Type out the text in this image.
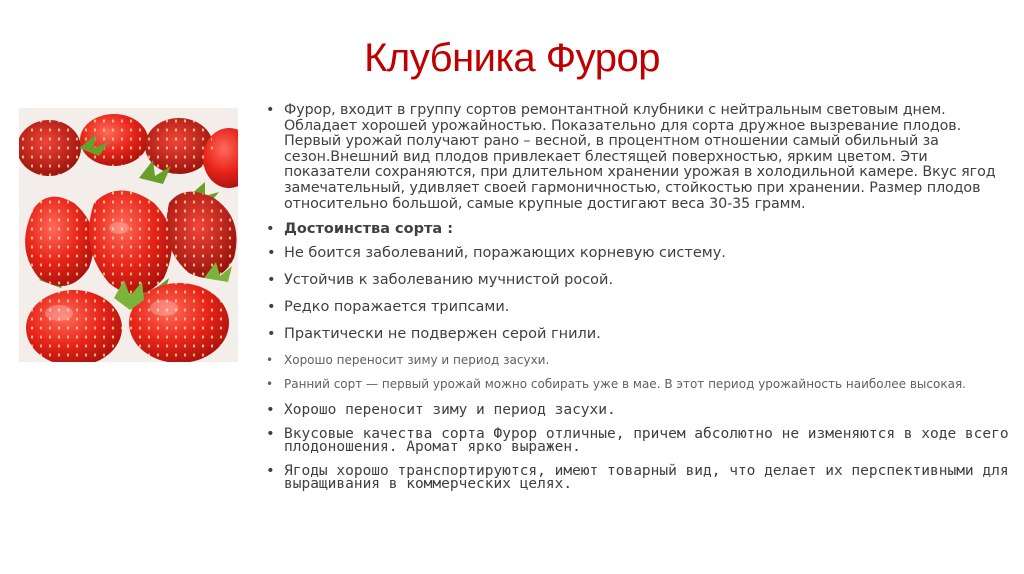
Клубника Фурор
• Фурор, входит в группу сортов ремонтантной клубники с нейтральным световым днем. Обладает хорошей урожайностью. Показательно для сорта дружное вызревание плодов. Первый урожай получают рано – весной, в процентном отношении самый обильный за сезон.Внешний вид плодов привлекает блестящей поверхностью, ярким цветом. Эти показатели сохраняются, при длительном хранении урожая в холодильной камере. Вкус ягод замечательный, удивляет своей гармоничностью, стойкостью при хранении. Размер плодов относительно большой, самые крупные достигают веса 30-35 грамм.
• Достоинства сорта :
• Не боится заболеваний, поражающих корневую систему.
• Устойчив к заболеванию мучнистой росой.
• Редко поражается трипсами.
• Практически не подвержен серой гнили.
• Хорошо переносит зиму и период засухи.
• Ранний сорт — первый урожай можно собирать уже в мае. В этот период урожайность наиболее высокая.
• Хорошо переносит зиму и период засухи.
• Вкусовые качества сорта Фурор отличные, причем абсолютно не изменяются в ходе всего плодоношения. Аромат ярко выражен.
• Ягоды хорошо транспортируются, имеют товарный вид, что делает их перспективными для выращивания в коммерческих целях.
